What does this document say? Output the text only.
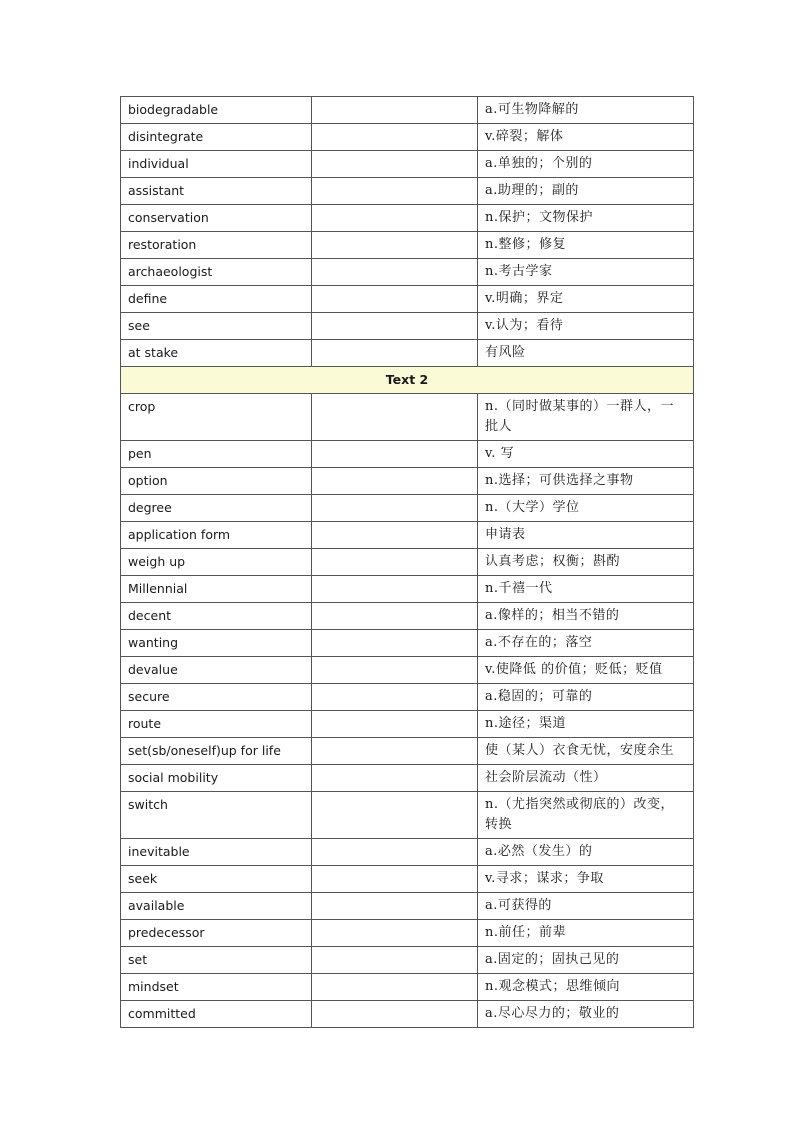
biodegradable		a.可生物降解的
disintegrate		v.碎裂；解体
individual		a.单独的；个别的
assistant		a.助理的；副的
conservation		n.保护；文物保护
restoration		n.整修；修复
archaeologist		n.考古学家
define		v.明确；界定
see		v.认为；看待
at stake		有风险
Text 2		
crop		n.（同时做某事的）一群人，一批人
pen		v. 写
option		n.选择；可供选择之事物
degree		n.（大学）学位
application form		申请表
weigh up		认真考虑；权衡；斟酌
Millennial		n.千禧一代
decent		a.像样的；相当不错的
wanting		a.不存在的；落空
devalue		v.使降低 的价值；贬低；贬值
secure		a.稳固的；可靠的
route		n.途径；渠道
set(sb/oneself)up for life		使（某人）衣食无忧，安度余生
social mobility		社会阶层流动（性）
switch		n.（尤指突然或彻底的）改变，转换
inevitable		a.必然（发生）的
seek		v.寻求；谋求；争取
available		a.可获得的
predecessor		n.前任；前辈
set		a.固定的；固执己见的
mindset		n.观念模式；思维倾向
committed		a.尽心尽力的；敬业的
